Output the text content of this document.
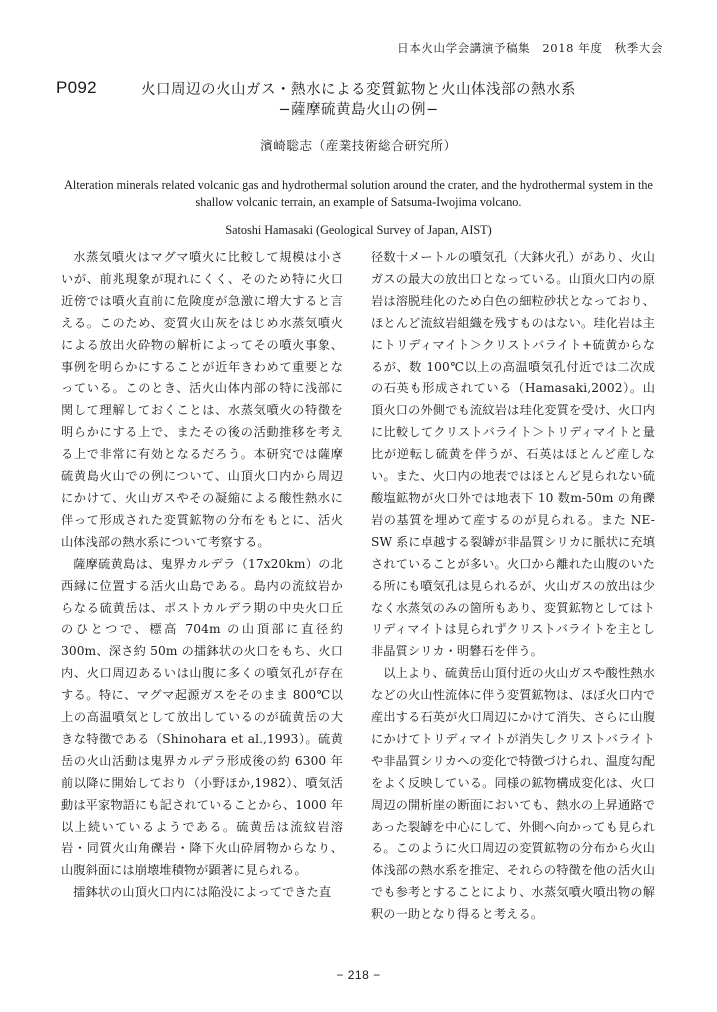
日本火山学会講演予稿集　2018 年度　秋季大会
P092	火口周辺の火山ガス・熱水による変質鉱物と火山体浅部の熱水系
−薩摩硫黄島火山の例−
濱崎聡志（産業技術総合研究所）
Alteration minerals related volcanic gas and hydrothermal solution around the crater, and the hydrothermal system in the shallow volcanic terrain, an example of Satsuma-Iwojima volcano.
Satoshi Hamasaki (Geological Survey of Japan, AIST)

水蒸気噴火はマグマ噴火に比較して規模は小さいが、前兆現象が現れにくく、そのため特に火口近傍では噴火直前に危険度が急激に増大すると言える。このため、変質火山灰をはじめ水蒸気噴火による放出火砕物の解析によってその噴火事象、事例を明らかにすることが近年きわめて重要となっている。このとき、活火山体内部の特に浅部に関して理解しておくことは、水蒸気噴火の特徴を明らかにする上で、またその後の活動推移を考える上で非常に有効となるだろう。本研究では薩摩硫黄島火山での例について、山頂火口内から周辺にかけて、火山ガスやその凝縮による酸性熱水に伴って形成された変質鉱物の分布をもとに、活火山体浅部の熱水系について考察する。

薩摩硫黄島は、鬼界カルデラ（17x20km）の北西縁に位置する活火山島である。島内の流紋岩からなる硫黄岳は、ポストカルデラ期の中央火口丘のひとつで、標高 704m の山頂部に直径約 300m、深さ約 50m の擂鉢状の火口をもち、火口内、火口周辺あるいは山腹に多くの噴気孔が存在する。特に、マグマ起源ガスをそのまま 800℃以上の高温噴気として放出しているのが硫黄岳の大きな特徴である（Shinohara et al.,1993）。硫黄岳の火山活動は鬼界カルデラ形成後の約 6300 年前以降に開始しており（小野ほか,1982）、噴気活動は平家物語にも記されていることから、1000 年以上続いているようである。硫黄岳は流紋岩溶岩・同質火山角礫岩・降下火山砕屑物からなり、山腹斜面には崩壊堆積物が顕著に見られる。

擂鉢状の山頂火口内には陥没によってできた直

径数十メートルの噴気孔（大鉢火孔）があり、火山ガスの最大の放出口となっている。山頂火口内の原岩は溶脱珪化のため白色の細粒砂状となっており、ほとんど流紋岩組織を残すものはない。珪化岩は主にトリディマイト＞クリストバライト+硫黄からなるが、数 100℃以上の高温噴気孔付近では二次成の石英も形成されている（Hamasaki,2002）。山頂火口の外側でも流紋岩は珪化変質を受け、火口内に比較してクリストバライト＞トリディマイトと量比が逆転し硫黄を伴うが、石英はほとんど産しない。また、火口内の地表ではほとんど見られない硫酸塩鉱物が火口外では地表下 10 数m-50m の角礫岩の基質を埋めて産するのが見られる。また NE-SW 系に卓越する裂罅が非晶質シリカに脈状に充填されていることが多い。火口から離れた山腹のいたる所にも噴気孔は見られるが、火山ガスの放出は少なく水蒸気のみの箇所もあり、変質鉱物としてはトリディマイトは見られずクリストバライトを主とし非晶質シリカ・明礬石を伴う。

以上より、硫黄岳山頂付近の火山ガスや酸性熱水などの火山性流体に伴う変質鉱物は、ほぼ火口内で産出する石英が火口周辺にかけて消失、さらに山腹にかけてトリディマイトが消失しクリストバライトや非晶質シリカへの変化で特徴づけられ、温度勾配をよく反映している。同様の鉱物構成変化は、火口周辺の開析崖の断面においても、熱水の上昇通路であった裂罅を中心にして、外側へ向かっても見られる。このように火口周辺の変質鉱物の分布から火山体浅部の熱水系を推定、それらの特徴を他の活火山でも参考とすることにより、水蒸気噴火噴出物の解釈の一助となり得ると考える。

− 218 −
